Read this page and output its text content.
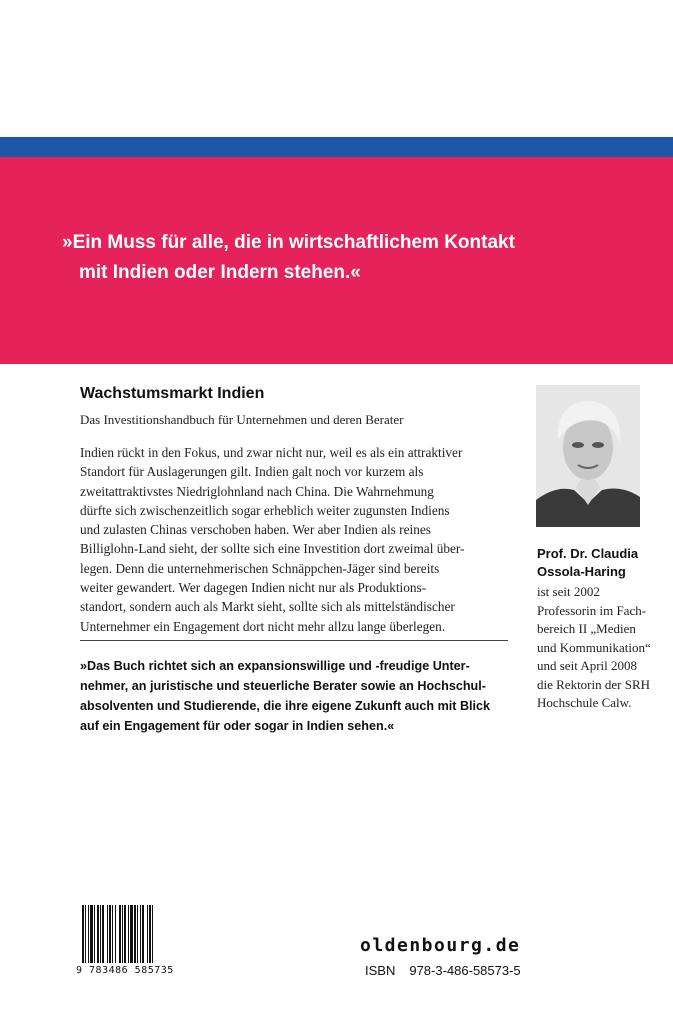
»Ein Muss für alle, die in wirtschaftlichem Kontakt
mit Indien oder Indern stehen.«
Wachstumsmarkt Indien
Das Investitionshandbuch für Unternehmen und deren Berater
Indien rückt in den Fokus, und zwar nicht nur, weil es als ein attraktiver
Standort für Auslagerungen gilt. Indien galt noch vor kurzem als
zweitattraktivstes Niedriglohnland nach China. Die Wahrnehmung
dürfte sich zwischenzeitlich sogar erheblich weiter zugunsten Indiens
und zulasten Chinas verschoben haben. Wer aber Indien als reines
Billiglohn-Land sieht, der sollte sich eine Investition dort zweimal über-
legen. Denn die unternehmerischen Schnäppchen-Jäger sind bereits
weiter gewandert. Wer dagegen Indien nicht nur als Produktions-
standort, sondern auch als Markt sieht, sollte sich als mittelständischer
Unternehmer ein Engagement dort nicht mehr allzu lange überlegen.
»Das Buch richtet sich an expansionswillige und -freudige Unter-
nehmer, an juristische und steuerliche Berater sowie an Hochschul-
absolventen und Studierende, die ihre eigene Zukunft auch mit Blick
auf ein Engagement für oder sogar in Indien sehen.«
Prof. Dr. Claudia
Ossola-Haring
ist seit 2002
Professorin im Fach-
bereich II „Medien
und Kommunikation“
und seit April 2008
die Rektorin der SRH
Hochschule Calw.
9 783486 585735
oldenbourg.de
ISBN 978-3-486-58573-5
